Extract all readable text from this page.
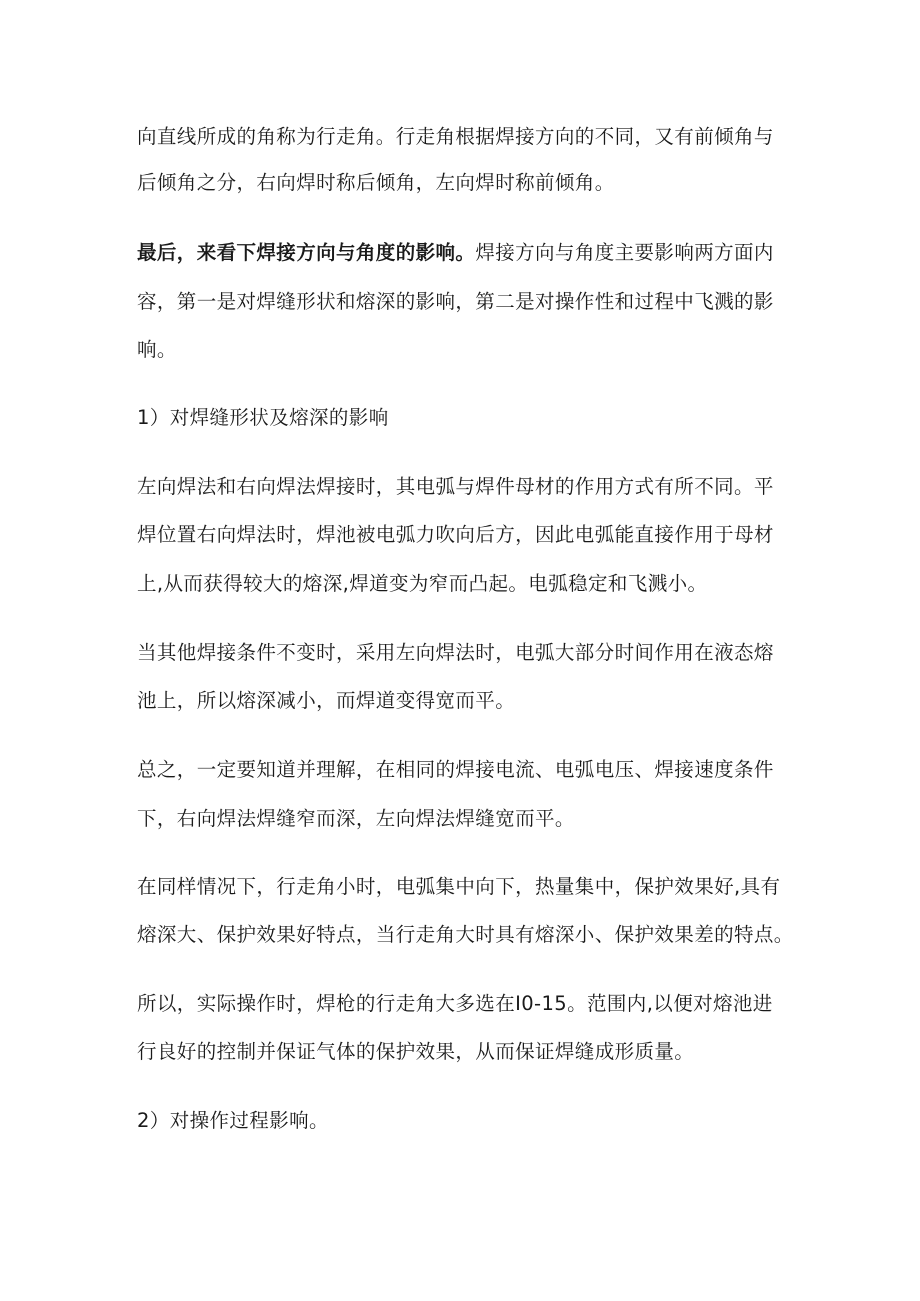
向直线所成的角称为行走角。行走角根据焊接方向的不同，又有前倾角与
后倾角之分，右向焊时称后倾角，左向焊时称前倾角。
最后，来看下焊接方向与角度的影响。焊接方向与角度主要影响两方面内
容，第一是对焊缝形状和熔深的影响，第二是对操作性和过程中飞溅的影
响。
1）对焊缝形状及熔深的影响
左向焊法和右向焊法焊接时，其电弧与焊件母材的作用方式有所不同。平
焊位置右向焊法时，焊池被电弧力吹向后方，因此电弧能直接作用于母材
上,从而获得较大的熔深,焊道变为窄而凸起。电弧稳定和飞溅小。
当其他焊接条件不变时，采用左向焊法时，电弧大部分时间作用在液态熔
池上，所以熔深减小，而焊道变得宽而平。
总之，一定要知道并理解，在相同的焊接电流、电弧电压、焊接速度条件
下，右向焊法焊缝窄而深，左向焊法焊缝宽而平。
在同样情况下，行走角小时，电弧集中向下，热量集中，保护效果好,具有
熔深大、保护效果好特点，当行走角大时具有熔深小、保护效果差的特点。
所以，实际操作时，焊枪的行走角大多选在I0-15。范围内,以便对熔池进
行良好的控制并保证气体的保护效果，从而保证焊缝成形质量。
2）对操作过程影响。
